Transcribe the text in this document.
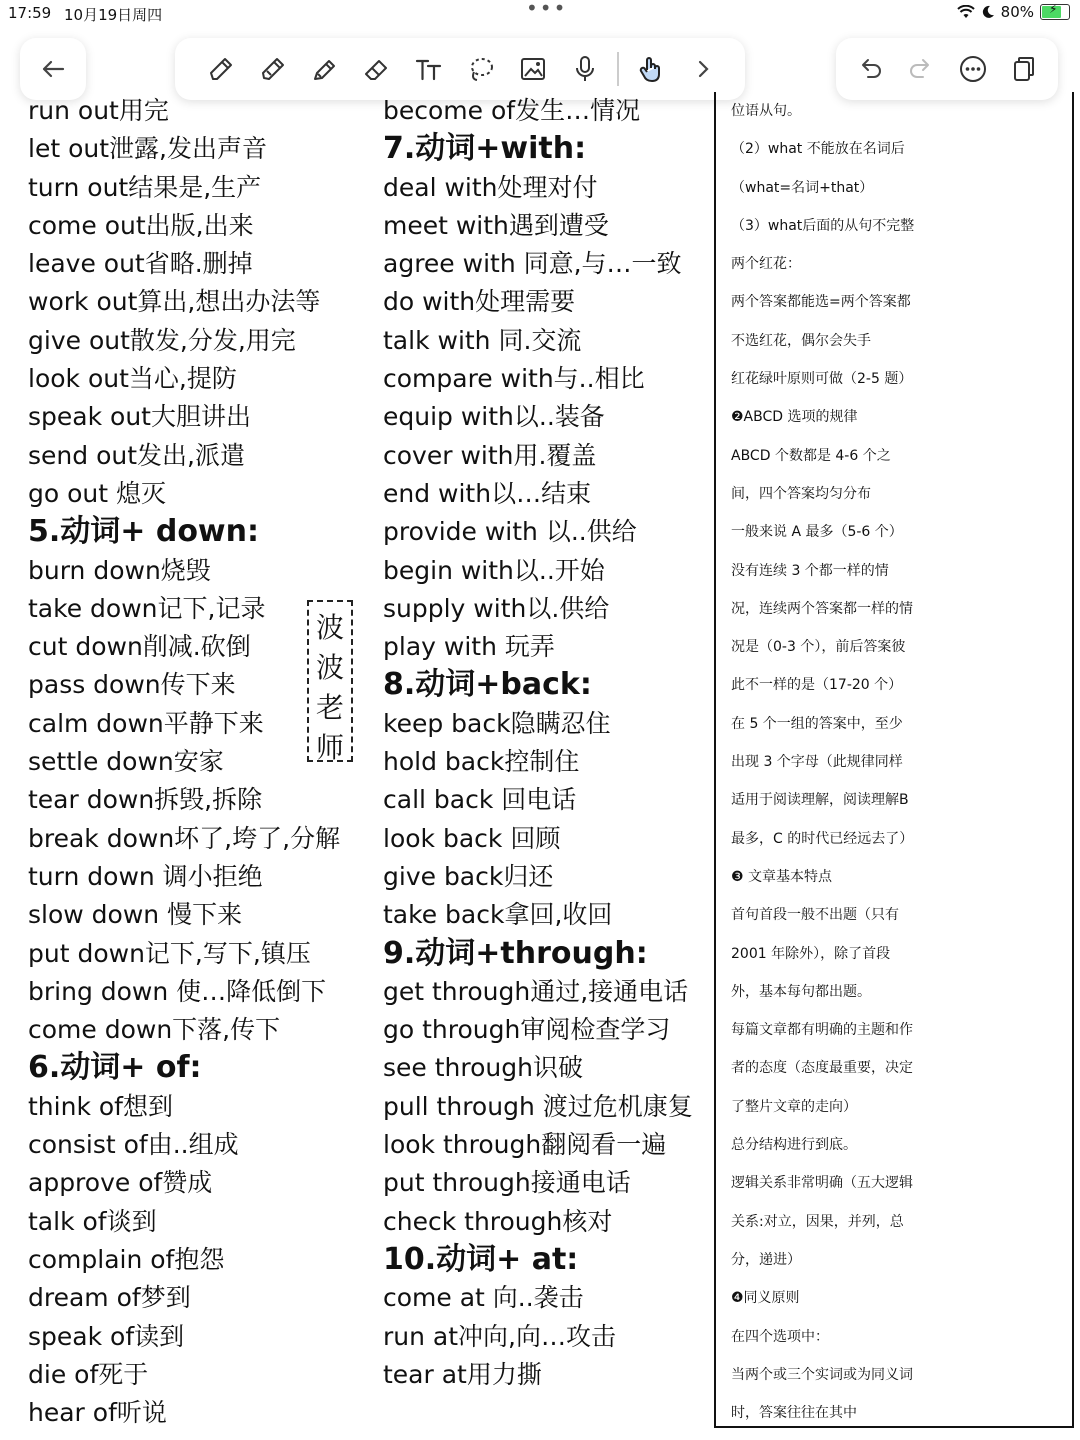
17:59 10月19日周四	•••	80% ⚡
run out用完
let out泄露,发出声音
turn out结果是,生产
come out出版,出来
leave out省略.删掉
work out算出,想出办法等
give out散发,分发,用完
look out当心,提防
speak out大胆讲出
send out发出,派遣
go out 熄灭
5.动词+ down:
burn down烧毁
take down记下,记录
cut down削减.砍倒
pass down传下来
calm down平静下来
settle down安家
tear down拆毁,拆除
break down坏了,垮了,分解
turn down 调小拒绝
slow down 慢下来
put down记下,写下,镇压
bring down 使…降低倒下
come down下落,传下
6.动词+ of:
think of想到
consist of由..组成
approve of赞成
talk of谈到
complain of抱怨
dream of梦到
speak of读到
die of死于
hear of听说
波
波
老
师
become of发生…情况
7.动词+with:
deal with处理对付
meet with遇到遭受
agree with 同意,与…一致
do with处理需要
talk with 同.交流
compare with与..相比
equip with以..装备
cover with用.覆盖
end with以…结束
provide with 以..供给
begin with以..开始
supply with以.供给
play with 玩弄
8.动词+back:
keep back隐瞒忍住
hold back控制住
call back 回电话
look back 回顾
give back归还
take back拿回,收回
9.动词+through:
get through通过,接通电话
go through审阅检查学习
see through识破
pull through 渡过危机康复
look through翻阅看一遍
put through接通电话
check through核对
10.动词+ at:
come at 向..袭击
run at冲向,向…攻击
tear at用力撕
位语从句。
（2）what 不能放在名词后
（what=名词+that）
（3）what后面的从句不完整
两个红花：
两个答案都能选=两个答案都
不选红花，偶尔会失手
红花绿叶原则可做（2-5 题）
❷ABCD 选项的规律
ABCD 个数都是 4-6 个之
间，四个答案均匀分布
一般来说 A 最多（5-6 个）
没有连续 3 个都一样的情
况，连续两个答案都一样的情
况是（0-3 个），前后答案彼
此不一样的是（17-20 个）
在 5 个一组的答案中，至少
出现 3 个字母（此规律同样
适用于阅读理解，阅读理解B
最多，C 的时代已经远去了）
❸ 文章基本特点
首句首段一般不出题（只有
2001 年除外），除了首段
外，基本每句都出题。
每篇文章都有明确的主题和作
者的态度（态度最重要，决定
了整片文章的走向）
总分结构进行到底。
逻辑关系非常明确（五大逻辑
关系:对立，因果，并列，总
分，递进）
❹同义原则
在四个选项中：
当两个或三个实词或为同义词
时，答案往往在其中
